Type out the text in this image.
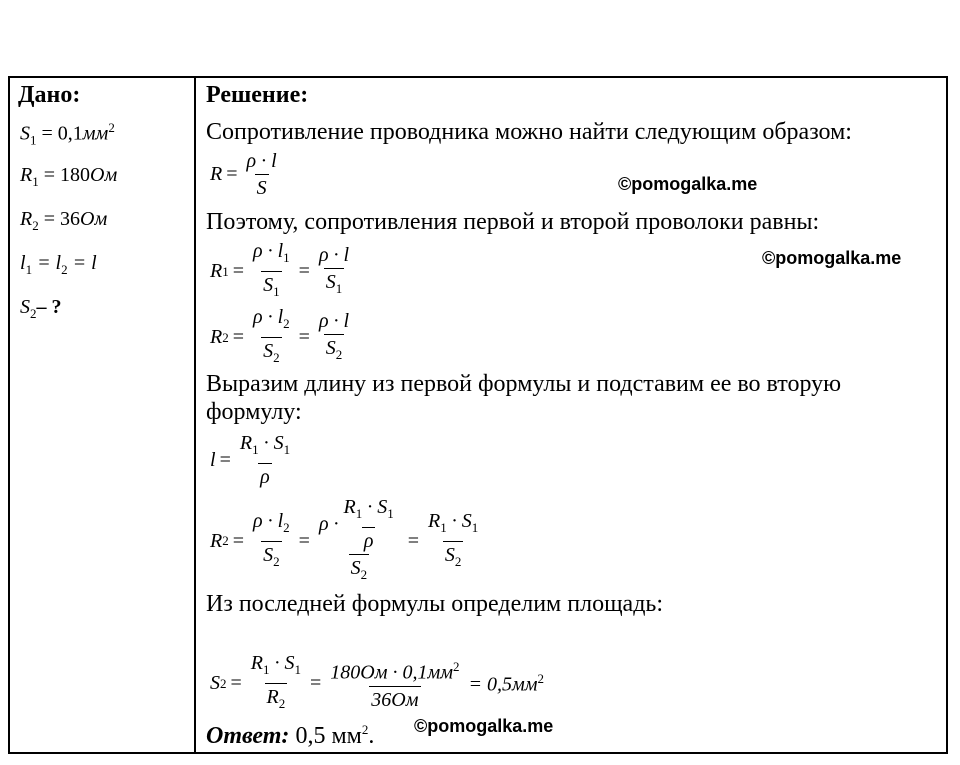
Дано:
$S_1 = 0,1мм^2$
$R_1 = 180Ом$
$R_2 = 36Ом$
$l_1 = l_2 = l$
$S_2-$ ?
Решение:
Сопротивление проводника можно найти следующим образом:
$R = \frac{\rho \cdot l}{S}$	©pomogalka.me
Поэтому, сопротивления первой и второй проволоки равны:
R $1 = \frac{\rho \cdot l_1}{S_1} = \frac{\rho \cdot l}{S_1}$	©pomogalka.me
R $2 = \frac{\rho \cdot l_2}{S_2} = \frac{\rho \cdot l}{S_2}$
Выразим длину из первой формулы и подставим ее во вторую
формулу:
$l = \frac{R_1 \cdot S_1}{\rho}$
R $2 = \frac{\rho \cdot l_2}{S_2} = \frac{\rho \cdot \frac{R_1 \cdot S_1}{\rho}}{S_2} = \frac{R_1 \cdot S_1}{S_2}$
Из последней формулы определим площадь:
S $2 = \frac{R_1 \cdot S_1}{R_2} = \frac{180Ом \cdot 0,1мм^2}{36Ом} = 0,5мм^2$
Ответ: 0,5 $мм^2$. ©pomogalka.me
